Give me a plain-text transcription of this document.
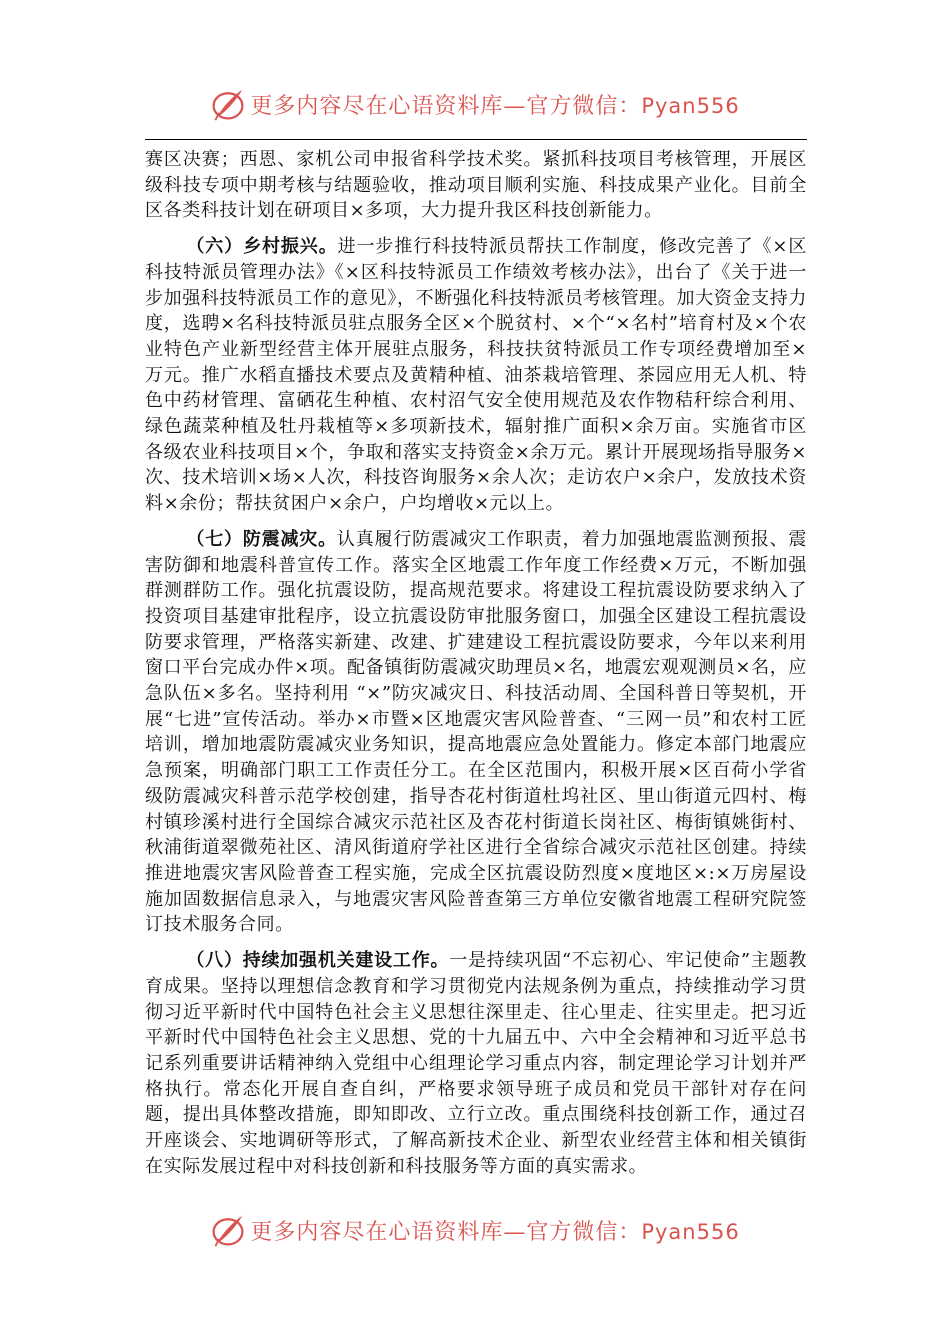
更多内容尽在心语资料库—官方微信：Pyan556

赛区决赛；西恩、家机公司申报省科学技术奖。紧抓科技项目考核管理，开展区级科技专项中期考核与结题验收，推动项目顺利实施、科技成果产业化。目前全区各类科技计划在研项目×多项，大力提升我区科技创新能力。

（六）乡村振兴。进一步推行科技特派员帮扶工作制度，修改完善了《×区科技特派员管理办法》《×区科技特派员工作绩效考核办法》，出台了《关于进一步加强科技特派员工作的意见》，不断强化科技特派员考核管理。加大资金支持力度，选聘×名科技特派员驻点服务全区×个脱贫村、×个“×名村”培育村及×个农业特色产业新型经营主体开展驻点服务，科技扶贫特派员工作专项经费增加至×万元。推广水稻直播技术要点及黄精种植、油茶栽培管理、茶园应用无人机、特色中药材管理、富硒花生种植、农村沼气安全使用规范及农作物秸秆综合利用、绿色蔬菜种植及牡丹栽植等×多项新技术，辐射推广面积×余万亩。实施省市区各级农业科技项目×个，争取和落实支持资金×余万元。累计开展现场指导服务×次、技术培训×场×人次，科技咨询服务×余人次；走访农户×余户，发放技术资料×余份；帮扶贫困户×余户，户均增收×元以上。

（七）防震减灾。认真履行防震减灾工作职责，着力加强地震监测预报、震害防御和地震科普宣传工作。落实全区地震工作年度工作经费×万元，不断加强群测群防工作。强化抗震设防，提高规范要求。将建设工程抗震设防要求纳入了投资项目基建审批程序，设立抗震设防审批服务窗口，加强全区建设工程抗震设防要求管理，严格落实新建、改建、扩建建设工程抗震设防要求，今年以来利用窗口平台完成办件×项。配备镇街防震减灾助理员×名，地震宏观观测员×名，应急队伍×多名。坚持利用 “×”防灾减灾日、科技活动周、全国科普日等契机，开展“七进”宣传活动。举办×市暨×区地震灾害风险普查、“三网一员”和农村工匠培训，增加地震防震减灾业务知识，提高地震应急处置能力。修定本部门地震应急预案，明确部门职工工作责任分工。在全区范围内，积极开展×区百荷小学省级防震减灾科普示范学校创建，指导杏花村街道杜坞社区、里山街道元四村、梅村镇珍溪村进行全国综合减灾示范社区及杏花村街道长岗社区、梅街镇姚街村、秋浦街道翠微苑社区、清风街道府学社区进行全省综合减灾示范社区创建。持续推进地震灾害风险普查工程实施，完成全区抗震设防烈度×度地区×:×万房屋设施加固数据信息录入，与地震灾害风险普查第三方单位安徽省地震工程研究院签订技术服务合同。

（八）持续加强机关建设工作。一是持续巩固“不忘初心、牢记使命”主题教育成果。坚持以理想信念教育和学习贯彻党内法规条例为重点，持续推动学习贯彻习近平新时代中国特色社会主义思想往深里走、往心里走、往实里走。把习近平新时代中国特色社会主义思想、党的十九届五中、六中全会精神和习近平总书记系列重要讲话精神纳入党组中心组理论学习重点内容，制定理论学习计划并严格执行。常态化开展自查自纠，严格要求领导班子成员和党员干部针对存在问题，提出具体整改措施，即知即改、立行立改。重点围绕科技创新工作，通过召开座谈会、实地调研等形式，了解高新技术企业、新型农业经营主体和相关镇街在实际发展过程中对科技创新和科技服务等方面的真实需求。

更多内容尽在心语资料库—官方微信：Pyan556
